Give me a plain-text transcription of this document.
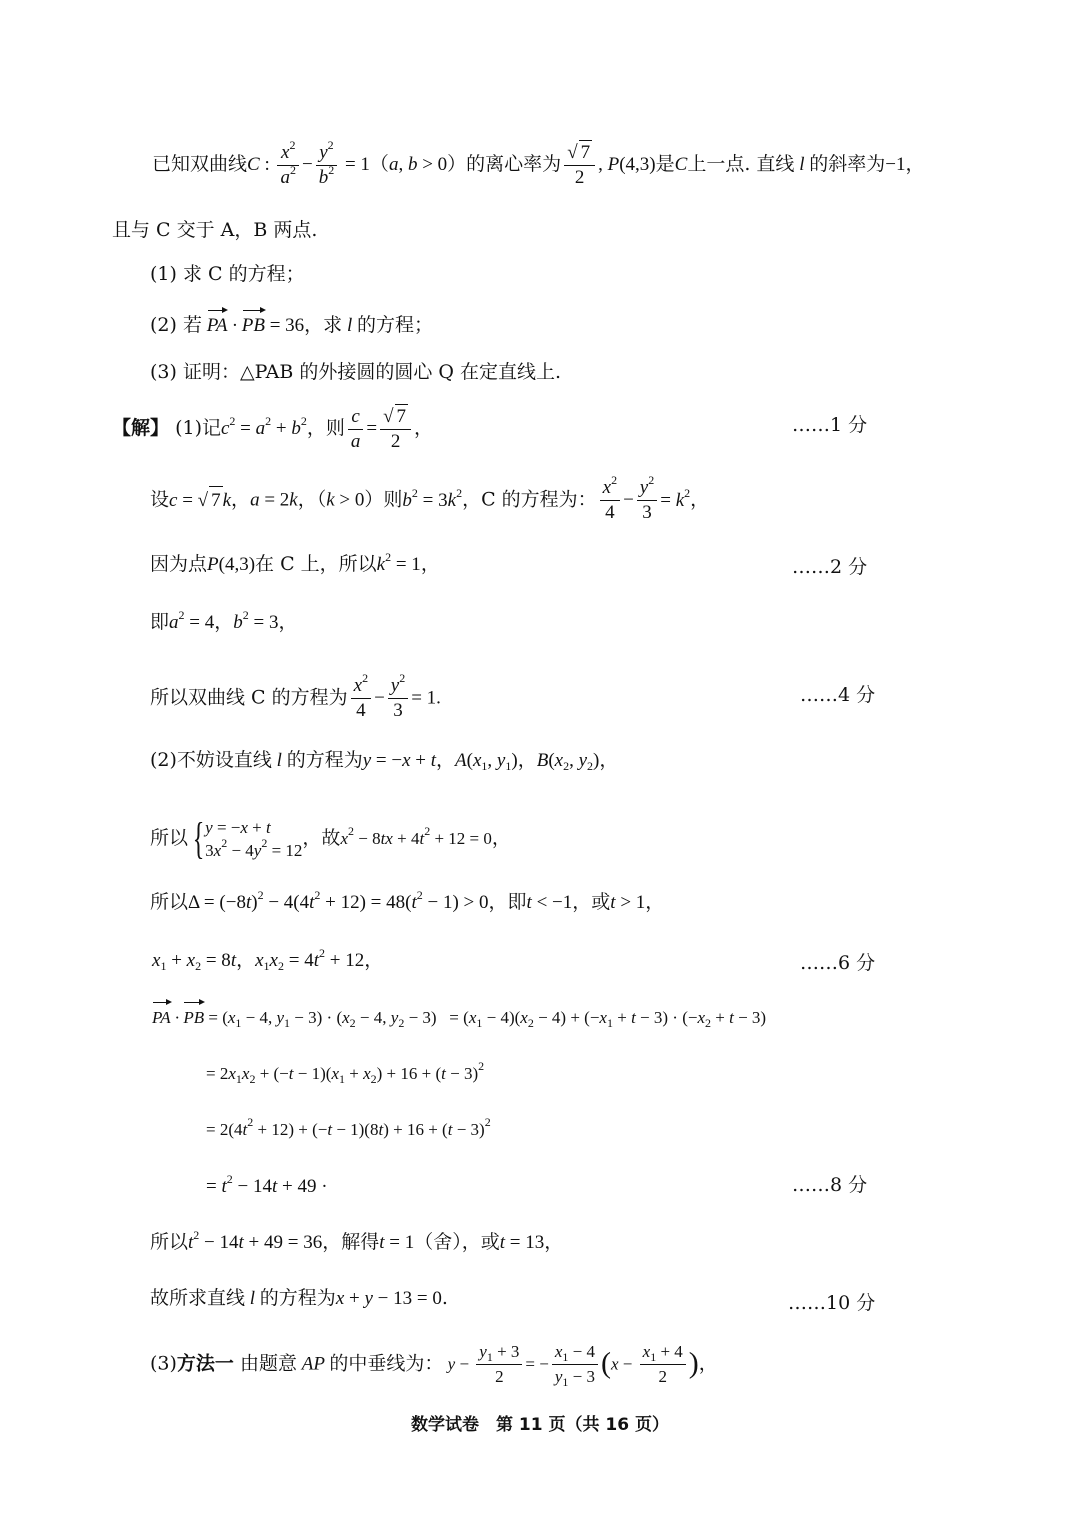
已知双曲线C : $\frac{x^2}{a^2} - \frac{y^2}{b^2} = 1(a$, b > 0）的离心率为 $\frac{√ 7}{2}$ , P(4,3)是C上一点. 直线 l 的斜率为−1，
且与 C 交于 A，B 两点.
(1) 求 C 的方程；
(2) 若 PA · PB = 36，求 l 的方程；
(3) 证明：△PAB 的外接圆的圆心 Q 在定直线上.
【解】 (1)记$c^2 = a^2 + b^2$，则 $\frac{c}{a} = \frac{√ 7}{2}$ ，	……1 分
设c = √ 7 k，a = 2k，（k > 0）则$b^2 = 3k^2$，C 的方程为： $\frac{x^2}{4} - \frac{y^2}{3} = k^2$，
因为点P(4,3)在 C 上，所以$k^2 = 1$，	……2 分
即$a^2 = 4$，$b^2 = 3$，
所以双曲线 C 的方程为 $\frac{x^2}{4} - \frac{y^2}{3} = 1$.	……4 分
(2)不妨设直线 l 的方程为y = −x + t，$A(x_1$, $y_1$)，$B(x_2$, $y_2$)，
所以 { y = −x + t
$3x^2 - 4y^2 = 12$
，故$x^2 - 8tx + 4t^2 + 12 = 0$，
所以$\Delta = (-8t)^2 - 4(4t^2 + 12) = 48(t^2 - 1) > 0$，即t < −1，或t > 1，
$x_1 + x_2 = 8t$，$x_1x_2 = 4t^2 + 12$，	……6 分
PA · PB = ($x_1 - 4$, $y_1 - 3) \cdot (x_2 - 4$, $y_2 - 3) = (x_1 - 4)(x_2 - 4) + (-x_1 + t - 3) \cdot (-x_2 + t - 3)$
= $2x_1x_2 + (-t - 1)(x_1 + x_2) + 16 + (t - 3)^2$
= $2(4t^2 + 12) + (-t - 1)(8t) + 16 + (t - 3)^2$
= $t^2 - 14t + 49$ ·	……8 分
所以$t^2 - 14t + 49 = 36$，解得t = 1（舍），或t = 13，
故所求直线 l 的方程为x + y − 13 = 0.	……10 分
(3)方法一 由题意 AP 的中垂线为： $y - \frac{y_1 + 3}{2}$ = − $\frac{x_1 - 4}{y_1 - 3} (x - \frac{x_1 + 4}{2}$ )，
数学试卷　第 11 页（共 16 页）
